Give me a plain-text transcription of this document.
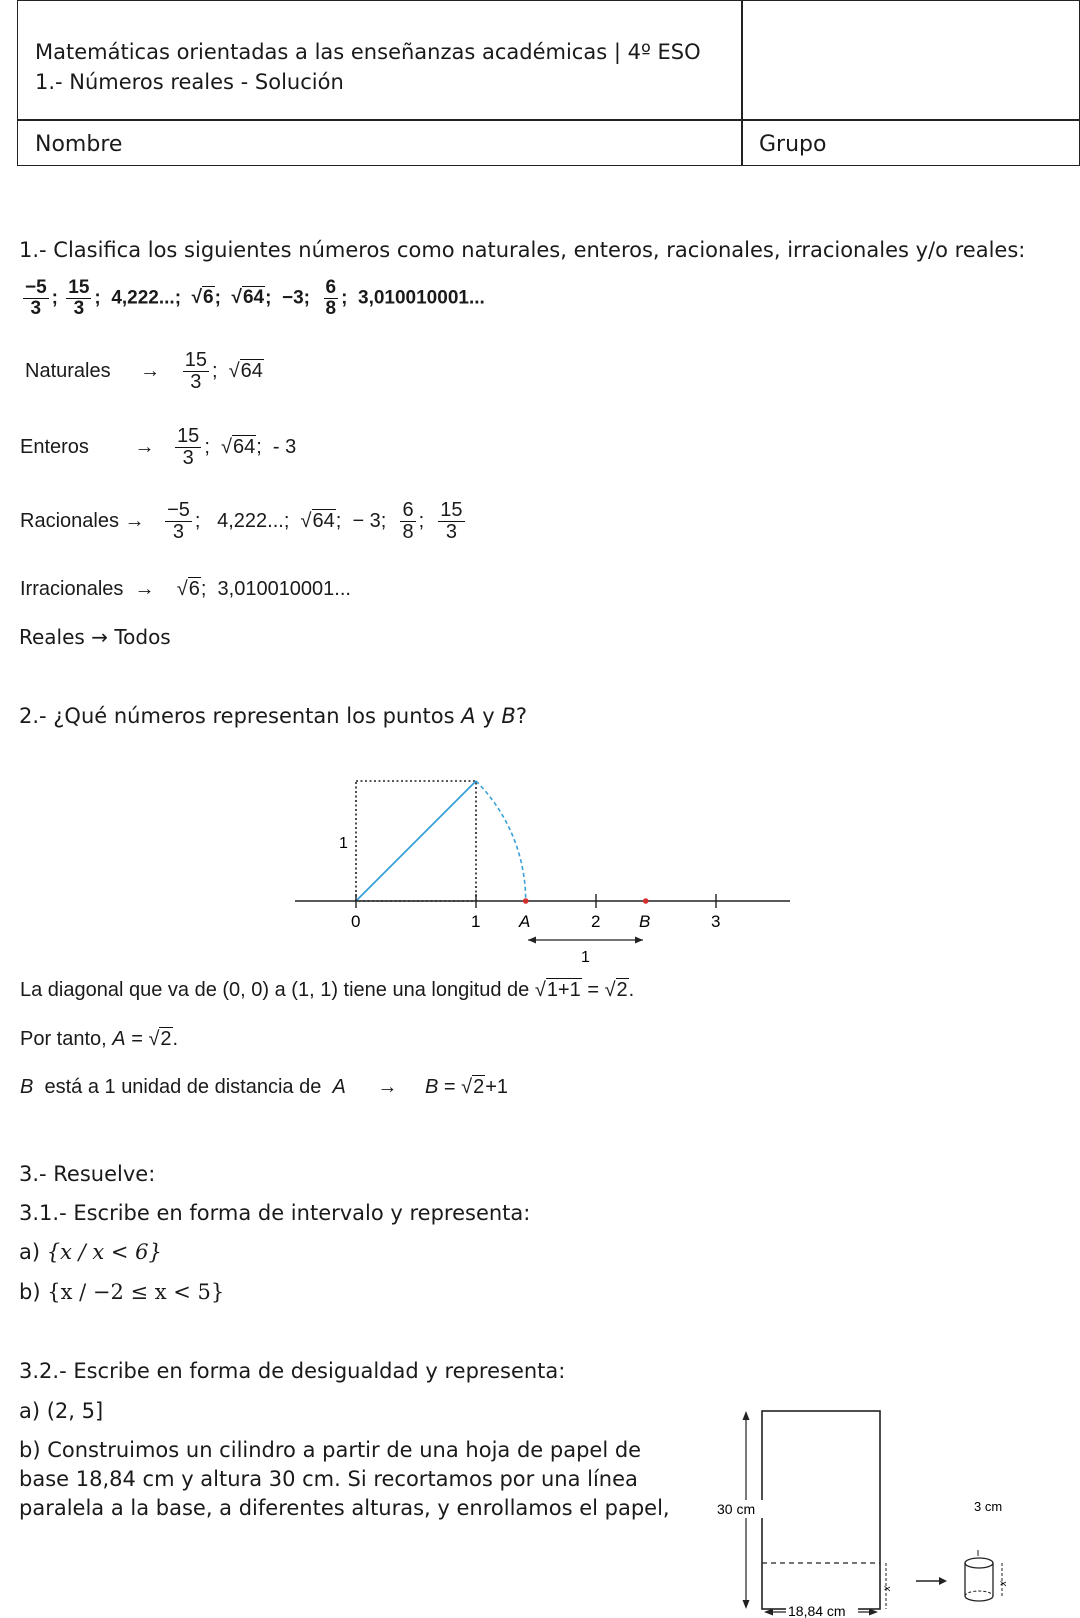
Matemáticas orientadas a las enseñanzas académicas | 4º ESO
1.- Números reales - Solución
Nombre	Grupo
1.- Clasifica los siguientes números como naturales, enteros, racionales, irracionales y/o reales:
$\frac{-5}{3}$ ; $\frac{15}{3}$ ;  4,222...; √6;  √64;  −3; $\frac{6}{8}$ ;  3,010010001...
Naturales → $\frac{15}{3}$ ;  √64
Enteros → $\frac{15}{3}$ ;  √64;  - 3
Racionales → $\frac{-5}{3}$ ;   4,222...; √64;  − 3; $\frac{6}{8}$ ; $\frac{15}{3}$
Irracionales  →    √6;  3,010010001...
Reales → Todos
2.- ¿Qué números representan los puntos A y B?
1
0	1	2	3
A	B
1
La diagonal que va de (0, 0) a (1, 1) tiene una longitud de √1+1 = √2.
Por tanto, A = √2.
B está a 1 unidad de distancia de A → B = √2+1
3.- Resuelve:
3.1.- Escribe en forma de intervalo y representa:
a) {x / x < 6}
b) {x / −2 ≤ x < 5}
3.2.- Escribe en forma de desigualdad y representa:
a) (2, 5]
b) Construimos un cilindro a partir de una hoja de papel de
base 18,84 cm y altura 30 cm. Si recortamos por una línea
paralela a la base, a diferentes alturas, y enrollamos el papel,	30 cm
18,84 cm
x
3 cm
x
